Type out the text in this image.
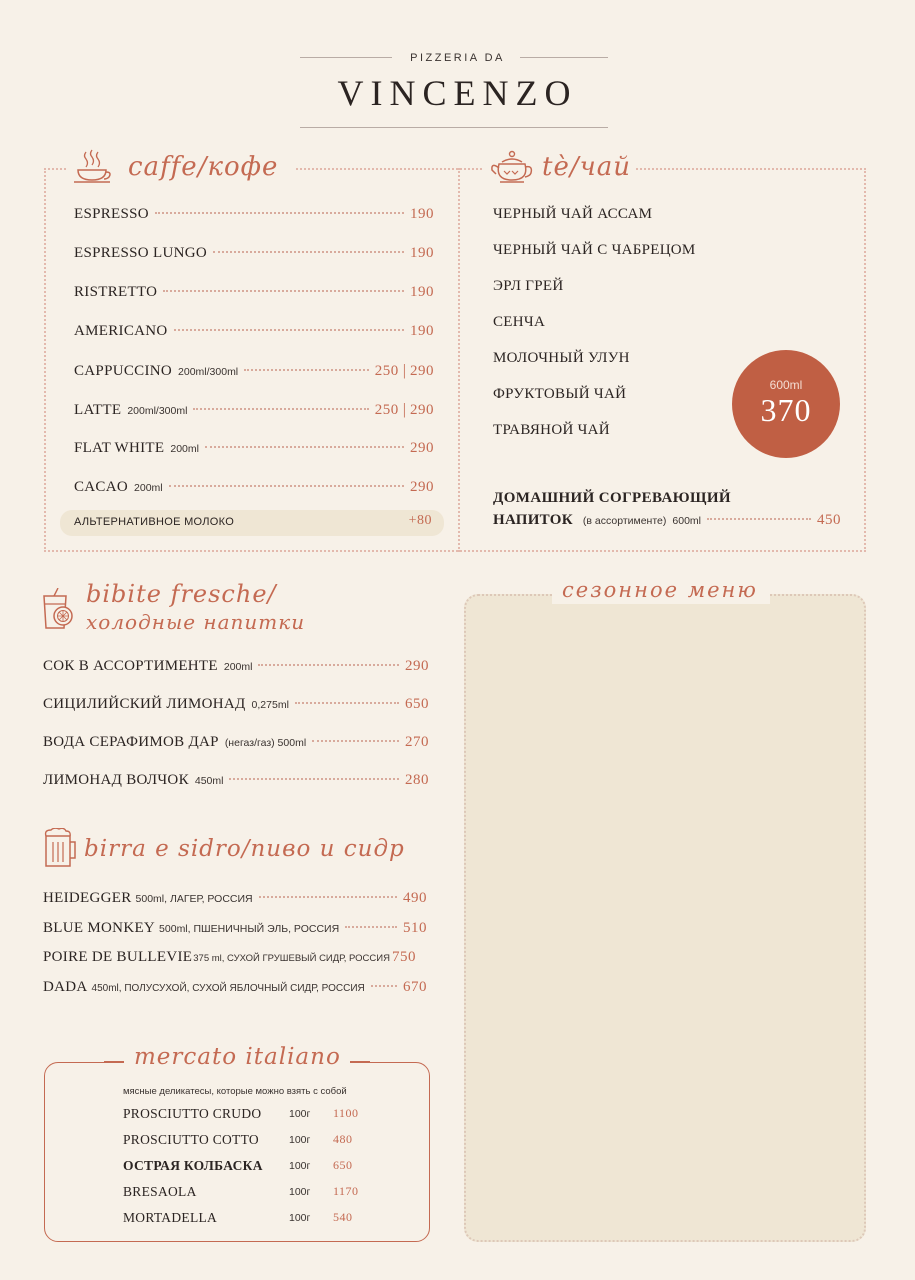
PIZZERIA DA
VINCENZO
caffe/кофе	tè/чай
ESPRESSO	190
ESPRESSO LUNGO	190
RISTRETTO	190
AMERICANO	190
CAPPUCCINO 200ml/300ml	250 | 290
LATTE 200ml/300ml	250 | 290
FLAT WHITE 200ml	290
CACAO 200ml	290
АЛЬТЕРНАТИВНОЕ МОЛОКО	+80
ЧЕРНЫЙ ЧАЙ АССАМ
ЧЕРНЫЙ ЧАЙ С ЧАБРЕЦОМ
ЭРЛ ГРЕЙ
СЕНЧА
МОЛОЧНЫЙ УЛУН
ФРУКТОВЫЙ ЧАЙ
ТРАВЯНОЙ ЧАЙ
600ml
370
ДОМАШНИЙ СОГРЕВАЮЩИЙ
НАПИТОК (в ассортименте) 600ml	450
bibite fresche/
холодные напитки
СОК В АССОРТИМЕНТЕ 200ml	290
СИЦИЛИЙСКИЙ ЛИМОНАД 0,275ml	650
ВОДА СЕРАФИМОВ ДАР (негаз/газ) 500ml	270
ЛИМОНАД ВОЛЧОК 450ml	280
birra e sidro/пиво и сидр
HEIDEGGER 500ml, ЛАГЕР, РОССИЯ	490
BLUE MONKEY 500ml, ПШЕНИЧНЫЙ ЭЛЬ, РОССИЯ	510
POIRE DE BULLEVIE 375 ml, СУХОЙ ГРУШЕВЫЙ СИДР, РОССИЯ 750
DADA 450ml, ПОЛУСУХОЙ, СУХОЙ ЯБЛОЧНЫЙ СИДР, РОССИЯ	670
mercato italiano
мясные деликатесы, которые можно взять с собой
PROSCIUTTO CRUDO	100г 1100
PROSCIUTTO COTTO	100г 480
ОСТРАЯ КОЛБАСКА 100г 650
BRESAOLA	100г 1170
MORTADELLA	100г 540
сезонное меню
